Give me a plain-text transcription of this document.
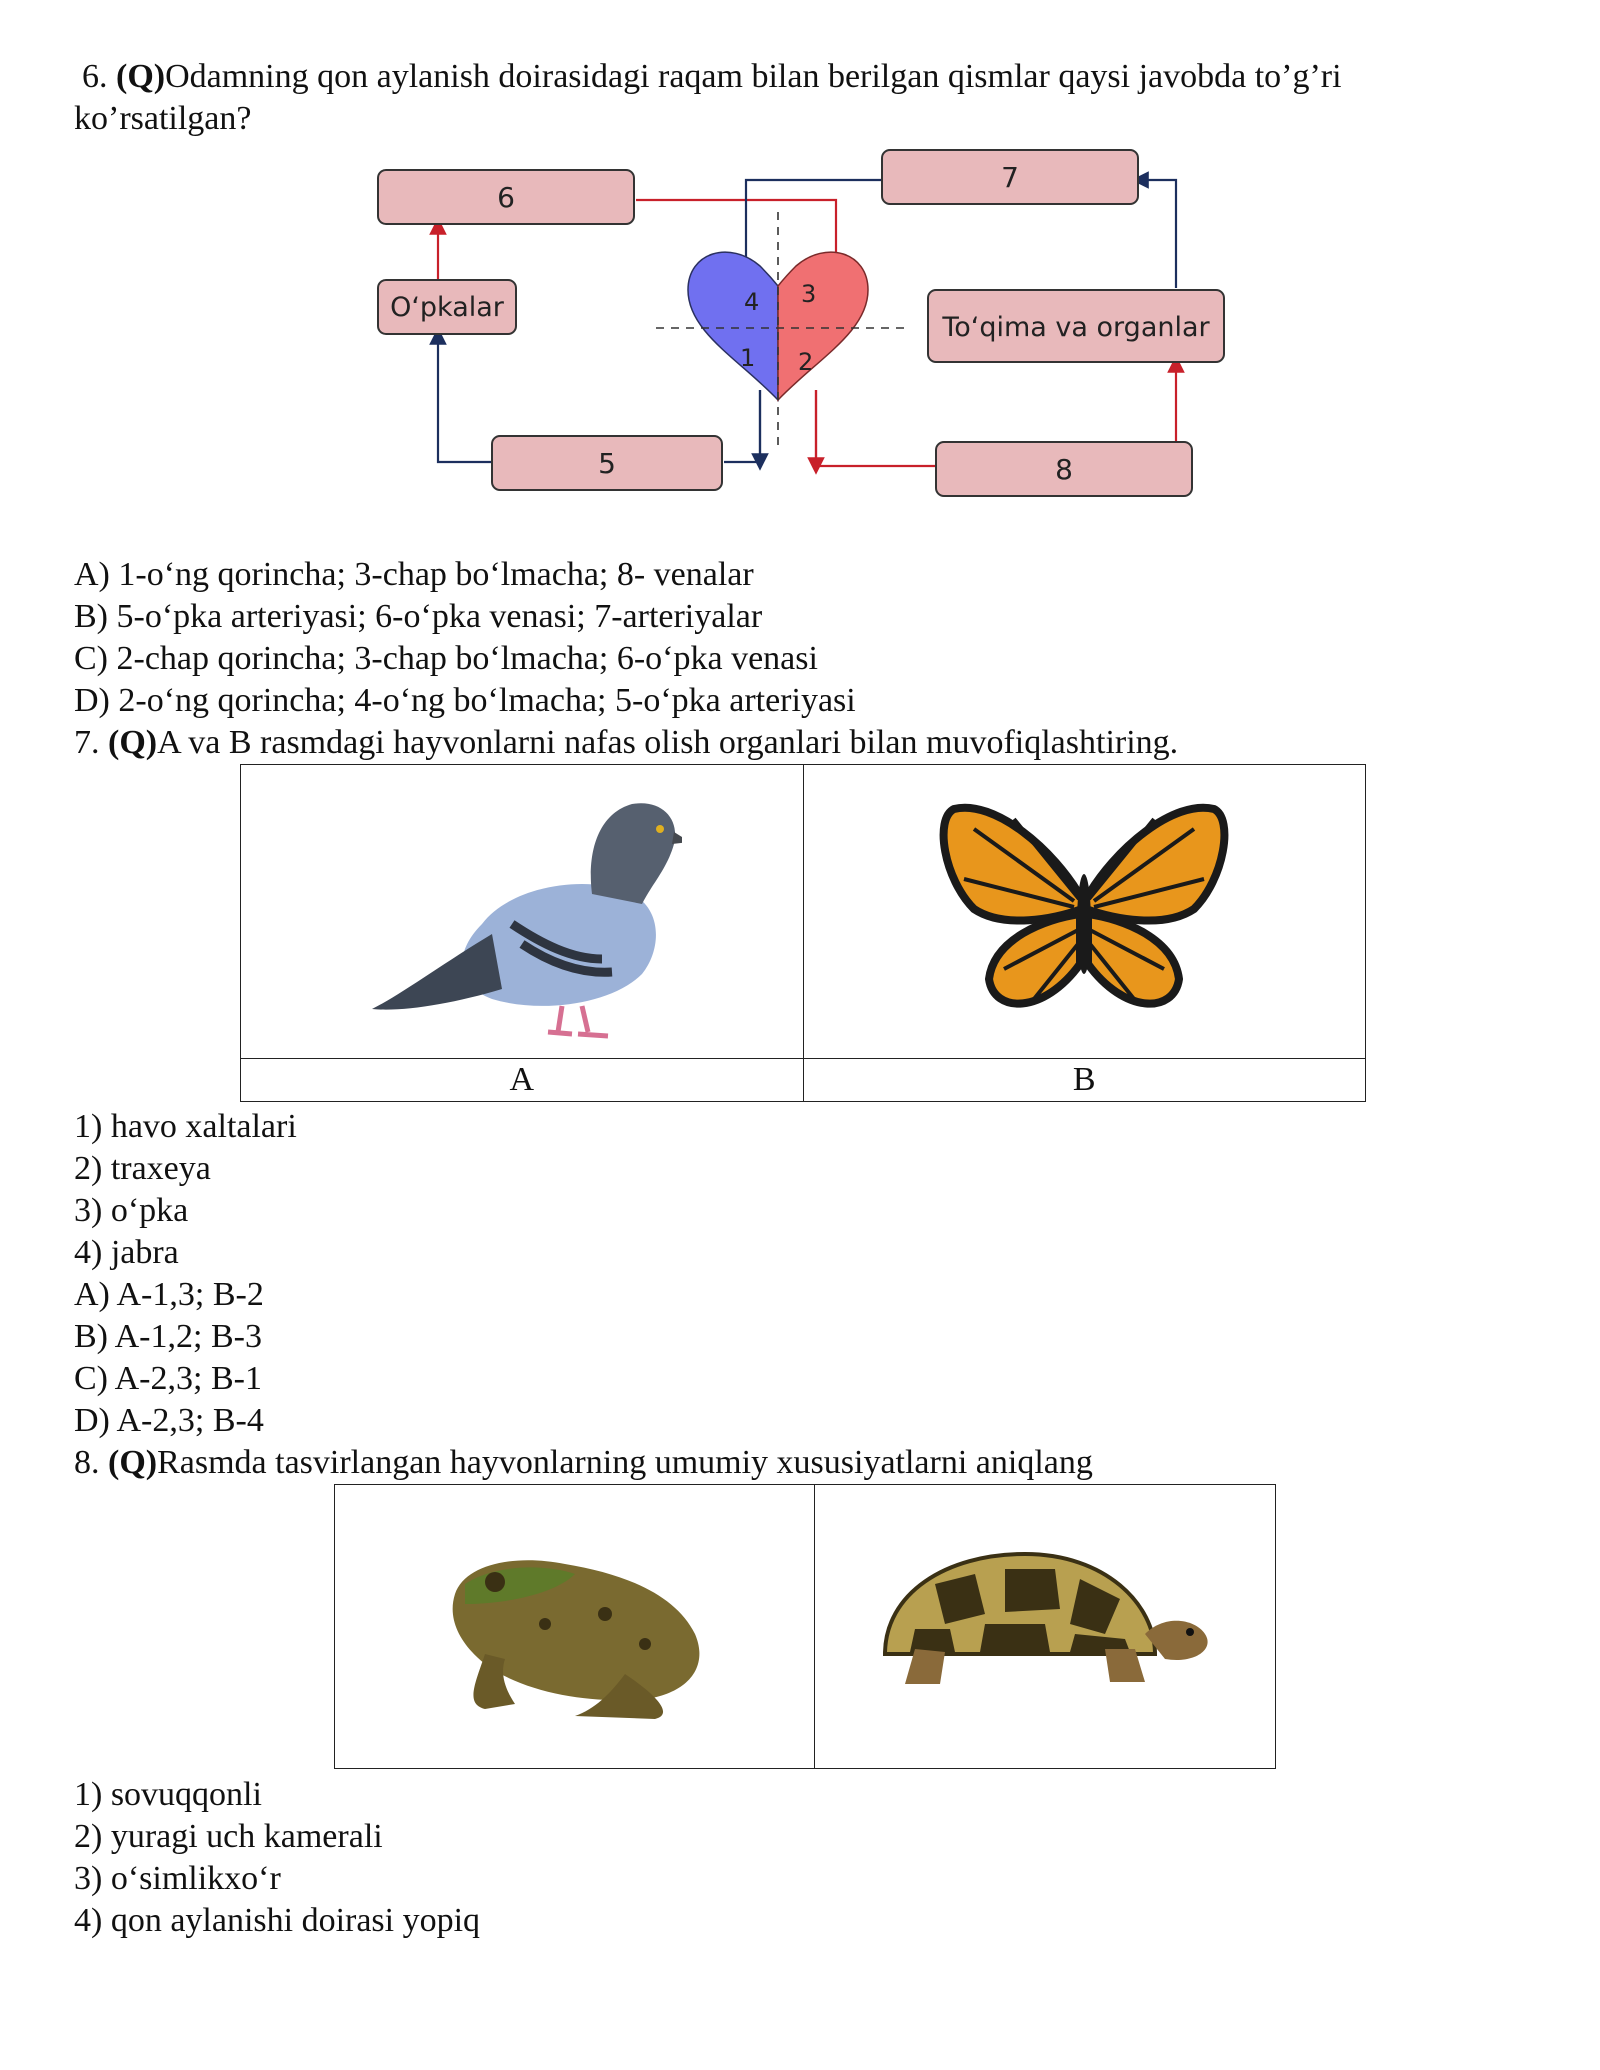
6. (Q)Odamning qon aylanish doirasidagi raqam bilan berilgan qismlar qaysi javobda to’g’ri
ko’rsatilgan?
4 3
1 2
6
7
O‘pkalar
To‘qima va organlar
5	8
A) 1-o‘ng qorincha; 3-chap bo‘lmacha; 8- venalar
B) 5-o‘pka arteriyasi; 6-o‘pka venasi; 7-arteriyalar
C) 2-chap qorincha; 3-chap bo‘lmacha; 6-o‘pka venasi
D) 2-o‘ng qorincha; 4-o‘ng bo‘lmacha; 5-o‘pka arteriyasi
7. (Q)A va B rasmdagi hayvonlarni nafas olish organlari bilan muvofiqlashtiring.

A	B
1) havo xaltalari
2) traxeya
3) o‘pka
4) jabra
A) A-1,3; B-2
B) A-1,2; B-3
C) A-2,3; B-1
D) A-2,3; B-4
8. (Q)Rasmda tasvirlangan hayvonlarning umumiy xususiyatlarni aniqlang

1) sovuqqonli
2) yuragi uch kamerali
3) o‘simlikxo‘r
4) qon aylanishi doirasi yopiq
